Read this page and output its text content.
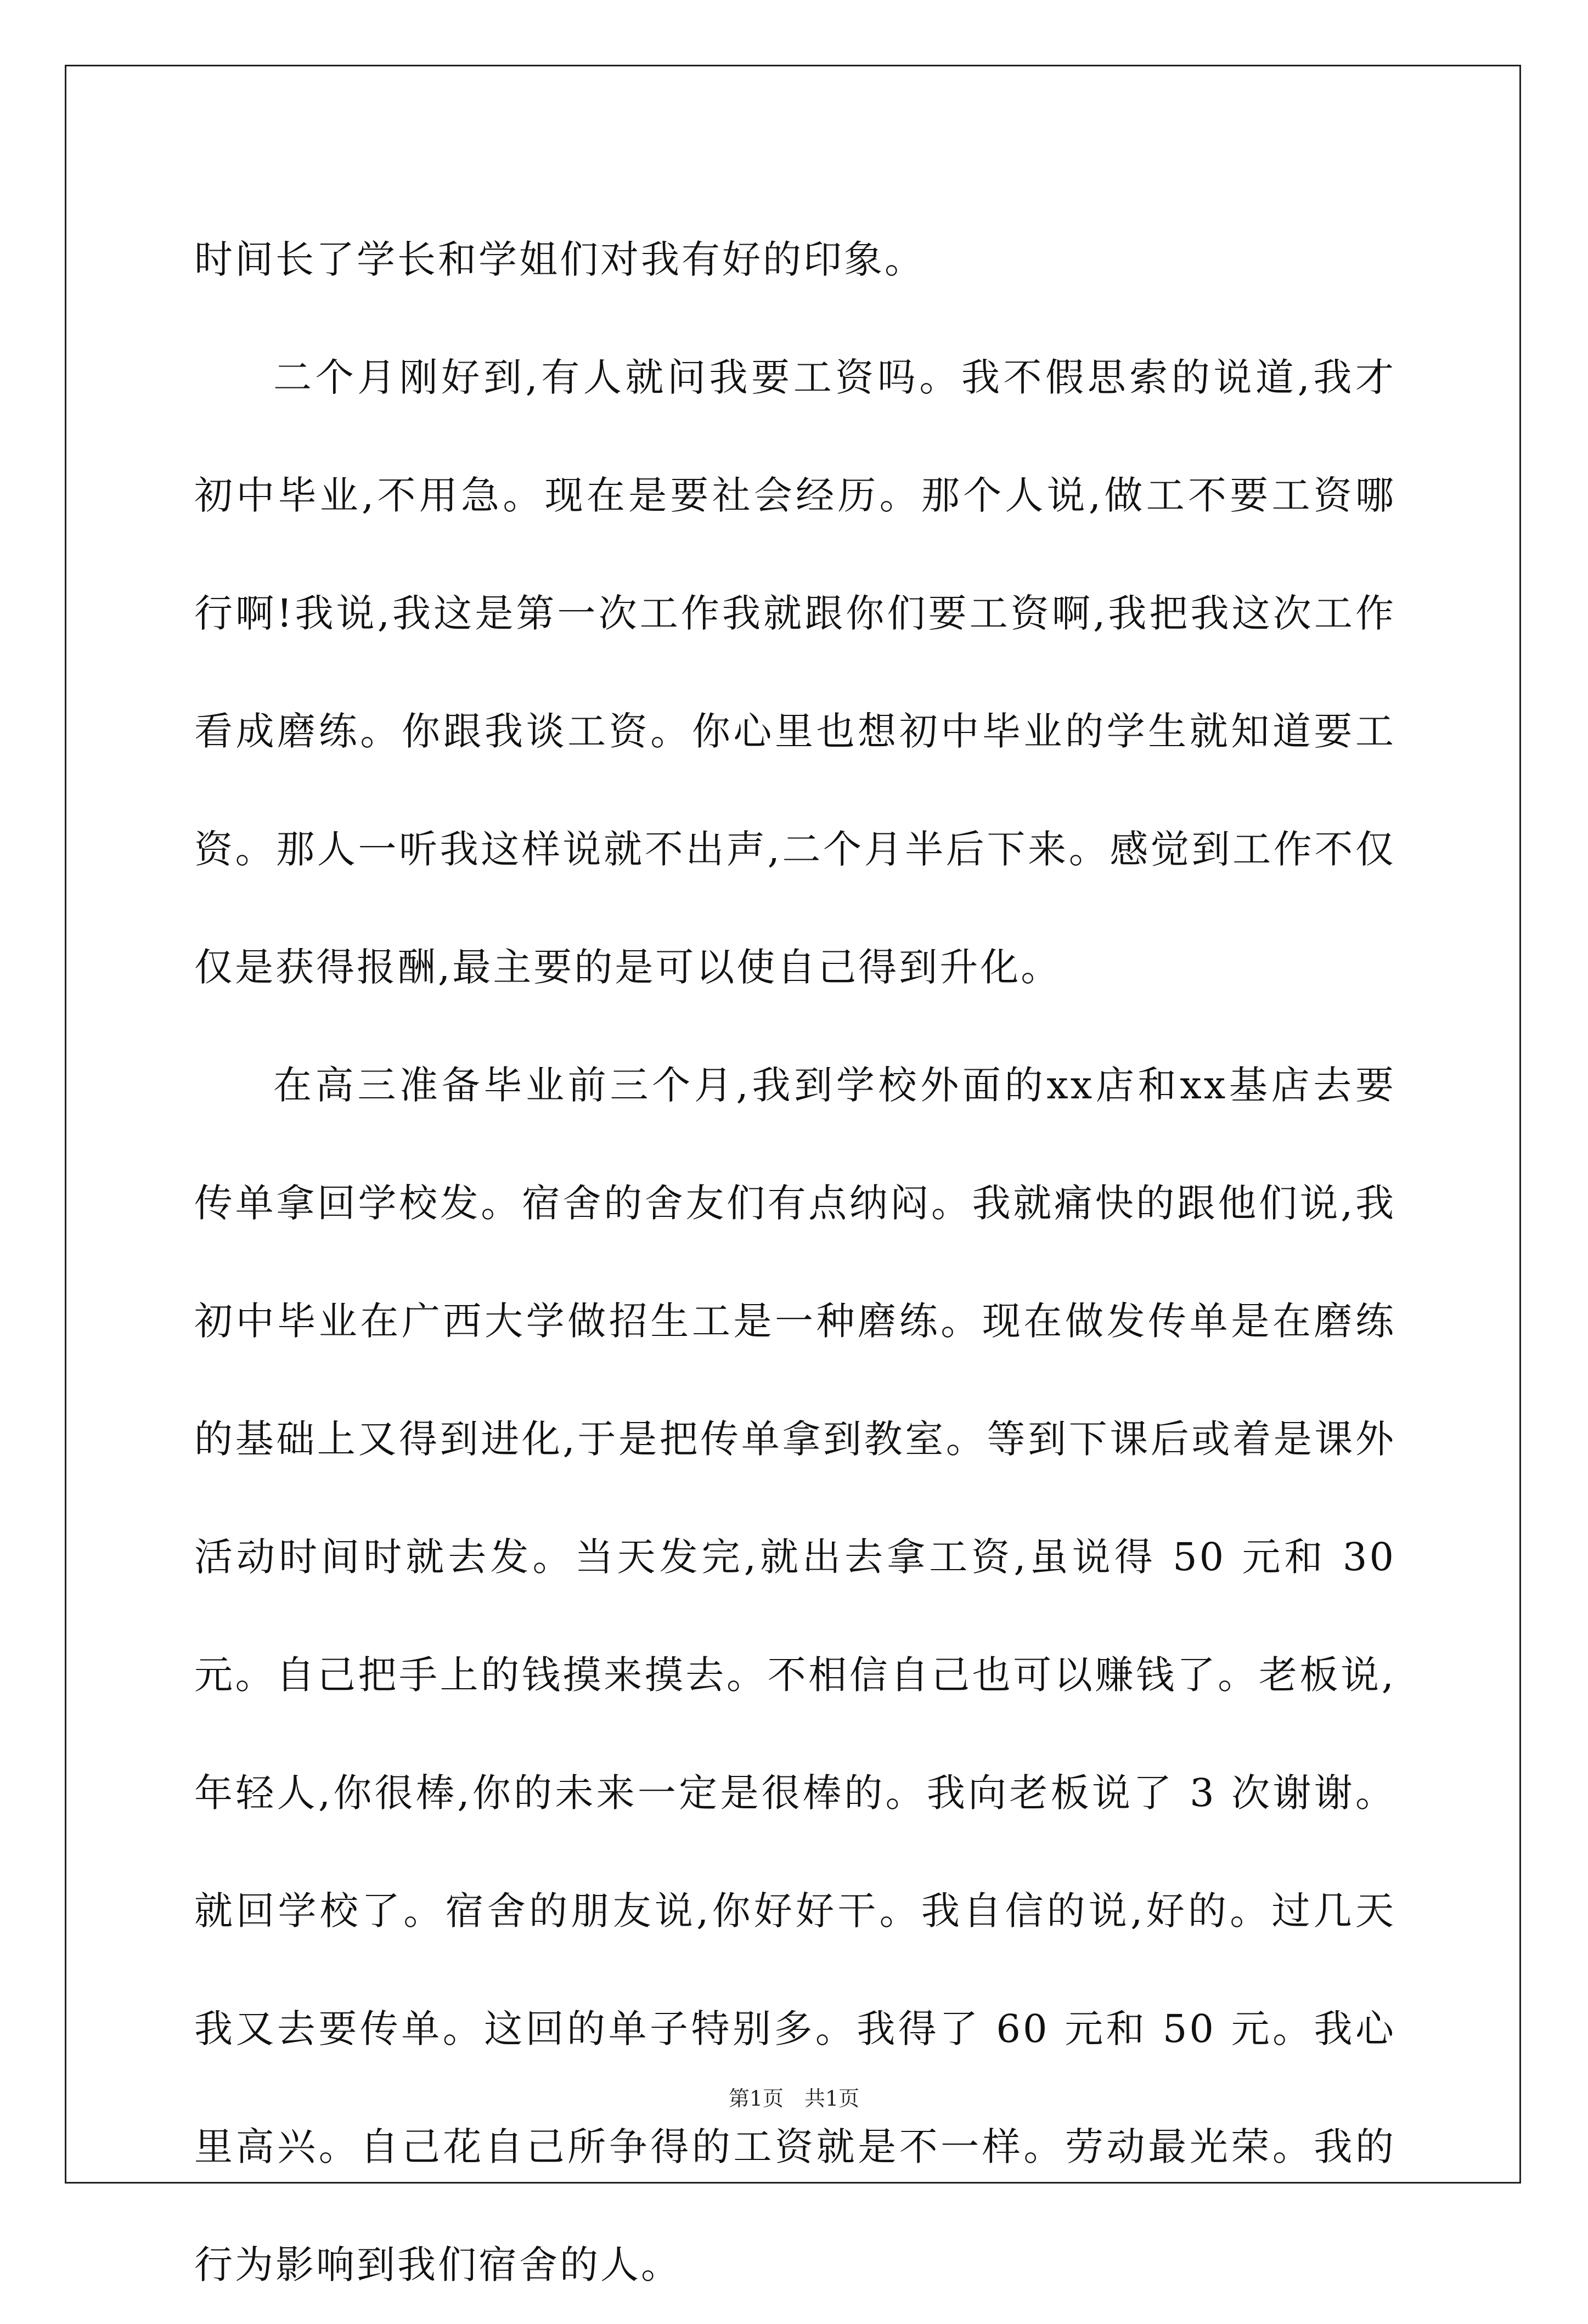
时间长了学长和学姐们对我有好的印象。

二个月刚好到,有人就问我要工资吗。我不假思索的说道,我才初中毕业,不用急。现在是要社会经历。那个人说,做工不要工资哪行啊!我说,我这是第一次工作我就跟你们要工资啊,我把我这次工作看成磨练。你跟我谈工资。你心里也想初中毕业的学生就知道要工资。那人一听我这样说就不出声,二个月半后下来。感觉到工作不仅仅是获得报酬,最主要的是可以使自己得到升化。

在高三准备毕业前三个月,我到学校外面的xx店和xx基店去要传单拿回学校发。宿舍的舍友们有点纳闷。我就痛快的跟他们说,我初中毕业在广西大学做招生工是一种磨练。现在做发传单是在磨练的基础上又得到进化,于是把传单拿到教室。等到下课后或着是课外活动时间时就去发。当天发完,就出去拿工资,虽说得 50 元和 30 元。自己把手上的钱摸来摸去。不相信自己也可以赚钱了。老板说,年轻人,你很棒,你的未来一定是很棒的。我向老板说了 3 次谢谢。就回学校了。宿舍的朋友说,你好好干。我自信的说,好的。过几天我又去要传单。这回的单子特别多。我得了 60 元和 50 元。我心里高兴。自己花自己所争得的工资就是不一样。劳动最光荣。我的行为影响到我们宿舍的人。

第1页　共1页
